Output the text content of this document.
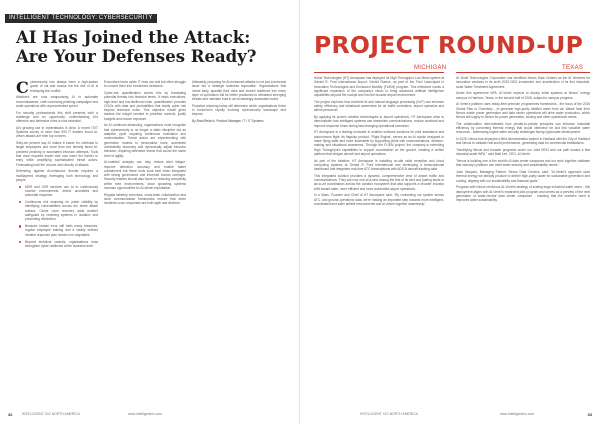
INTELLIGENT TECHNOLOGY: CYBERSECURITY
AI Has Joined the Attack:
Are Your Defenses Ready?

Cybersecurity has always been a high-stakes game of cat and mouse but the rise of AI is reshaping the conflict.

Attackers are now weaponising AI to automate reconnaissance, craft convincing phishing campaigns and scale operations with unprecedented speed.

For security professionals this shift presents both a challenge and an opportunity: understanding AI's offensive and defensive roles is now essential.

AI's growing use in cyberattacks is clear. A recent IT/IT Systems survey of more than 900 IT leaders found AI-driven attacks are their top concern.

Sixty-six percent say AI makes it easier for criminals to target employees and more than two already faced AI-powered phishing or automated intrusion attempts. Tools that once required expert skill now lower the barrier to entry while amplifying sophisticated threat actors. Forecasting both the volume and velocity of attacks.

Defending against AI-enhanced threats requires a multilayered strategy leveraging both technology and people.

MDR and XDR services use AI to continuously monitor environments, detect anomalies and automate response.
Continuous risk scanning for patch visibility by identifying vulnerabilities across the entire attack surface. Closer room recovery adds another safeguard by restoring systems in isolation and preventing reinfection.
Because human error still fuels many breaches, regular employee training and a clearly defined incident response plan remain non-negotiable.
Beyond technical controls, organisations must strengthen cyber resilience at the business level.

Executives know cyber IT risks are real but often struggle to convert them into investment decisions.

Cyber-risk quantification solves this by translating potential threats into financial terms. It helps executives: high-level and low-likelihood risks, quantification provides CISOs with data and probabilities that clarify cyber risk beyond technical noise. This objective model gives leaders the insight needed to prioritise controls, justify budgets and reduce exposure.

As AI continues advancing, organisations must recognise that cybersecurity is no longer a static discipline but an adaptive cycle requiring continuous evaluation and modernisation. Threat actors are experimenting with generative models to personalise lures, accelerate vulnerability discovery and dynamically adjust intrusion behavior, requiring defensive teams that sound the same level of agility.

AI-enabled analysis can help reduce alert fatigue, improve detection accuracy and enable faster containment but these tools work best when integrated with strong governance and informed human oversight. Security leaders should also focus on reducing complexity within their environments, since sprawling systems increase opportunities for AI-driven exploitation.

Regular tabletop exercises, cross-team collaboration and clear communication frameworks ensure that when incidents occur responses are both agile and decisive.

Ultimately, preparing for AI-enhanced attacks is not just a technical issue but a strategic business imperative. Organisations that invest early, quantify their risks and embed resilience into every layer of operations will be better positioned to withstand emerging threats and maintain trust in an increasingly automated world.

Proactive planning today will determine which organisations thrive in tomorrow's rapidly evolving cybersecurity landscape and beyond.

By Brad Belsich, Product Manager, IT / IT Systems

32	INTELLIGENT CIO NORTH AMERICA	www.intelligentcio.com
PROJECT ROUND-UP
MICHIGAN	TEXAS

Hubel Technologies (HT) Aerospace has deployed its High Throughput Low Mesh system at Gerald R. Ford International Airport. Gerald Ramos, as part of the Ford Launchpad in Innovation Technologies and Enhanced Mobility (FLIEM) program. This milestone marks a significant expansion of the company's vision to bring advanced artificial intelligence capabilities beyond the cockpit and into the broader airport environment.

The project explores how real-time AI and natural language processing (NLP) can enhance safety, efficiency and situational awareness for air traffic controllers, airport operators and airline personnel.

By applying its proven aviation technologies to airport operations, HT Aerospace aims to demonstrate how intelligent systems can streamline communications, reduce workload and improve response times during fast-changing operational scenarios.

HT Aerospace is a leading innovator in aviation software solutions for pilot assistance and autonomous flight. Its flagship product, 'Flight Engine', serves as an AI copilot designed to make flying safer and more accessible by supporting pilots with communications, decision-making and situational awareness. Through the FLIEM project, the company is extending High Throughput's capabilities to support coordination on the ground, creating a unified platform that bridges aircraft and airport operations.

As part of the initiative, HT Aerospace is installing on-site radio reception and cloud computing systems at Gerald R. Ford International and developing a transcriptional dashboard that integrates real-time ATC transcriptions with ADS-B aircraft tracking data.

This integrated solution provides a dynamic, comprehensive view of airport traffic and communications. They are now one-of-a-kind among the first of its kind and pairing lands to air-to-air coordination across the aviation ecosystem that also supports a broader industry shift toward safer, more efficient and more automated airport operations.

In a Mass, Founder and Chief of HT Aerospace said: "By connecting our system across ATC, and ground operations data, we're making an important step towards more intelligent, coordinated and safer airfield environments and AI-driven together seamlessly."

AI Ventri Technologies Corporation has identified Nexus Data Centers as the AI Ventures for innovative ventures in its sixth 2025 NEO investment and acceleration of its first industrial-scale Water Treatment Agreement.

Under this agreement NPA, AI-Ventri expects to deploy initial systems at Nexus' energy campus in Harrison, Texas, in the second half of 2026, subject to campus progress.

AI Ventri's platform uses ready-fleet premium programmes frameworks - the focus of the 2025 Global Plan in Chemistry - to generate high-purity distilled water from air. Waste heat from Nexus onsite power generation and data center operations will drive water production, which Nexus will supply to Nexus for power generation, cooling and other operational needs.

The collaboration demonstrates how private-to-private principles can enhance industrial efficiency by converting thermal energy that would otherwise be lost into valuable water resources - addressing urgent water security challenges facing hyperscale development.

In 2025, Nexus has deployed a field demonstration system in Hartland with the City of Hartland and Nexus to validate real-world performance, generating data for commercial installations.

"Identifying Nexus and broader programs under our Joint MOU and our path toward a first industrial-scale WPA," said Matt Lee, CEO, AI-Ventri.

"Nexus is building one of the world's AI data center campuses and our work together validates that industry's platform can meet water security and sustainability needs."

Juan Vasquez, Managing Partner, Nexus Data Centers, said: "AI-Ventri's approach uses thermal energy we already produce to deliver high-purity water for sustainable generation and cooling, aligning with our sustainability and financial goals."

Progress with Nexus reinforces AI-Ventri's strategy of scaling large industrial water users - this deployment aligns with AI-Ventri's expanded pilot program and serves as a preview of the next generation of water-neutral data center campuses - showing that the market's need is improved water sustainability.

INTELLIGENT CIO NORTH AMERICA	www.intelligentcio.com	33
